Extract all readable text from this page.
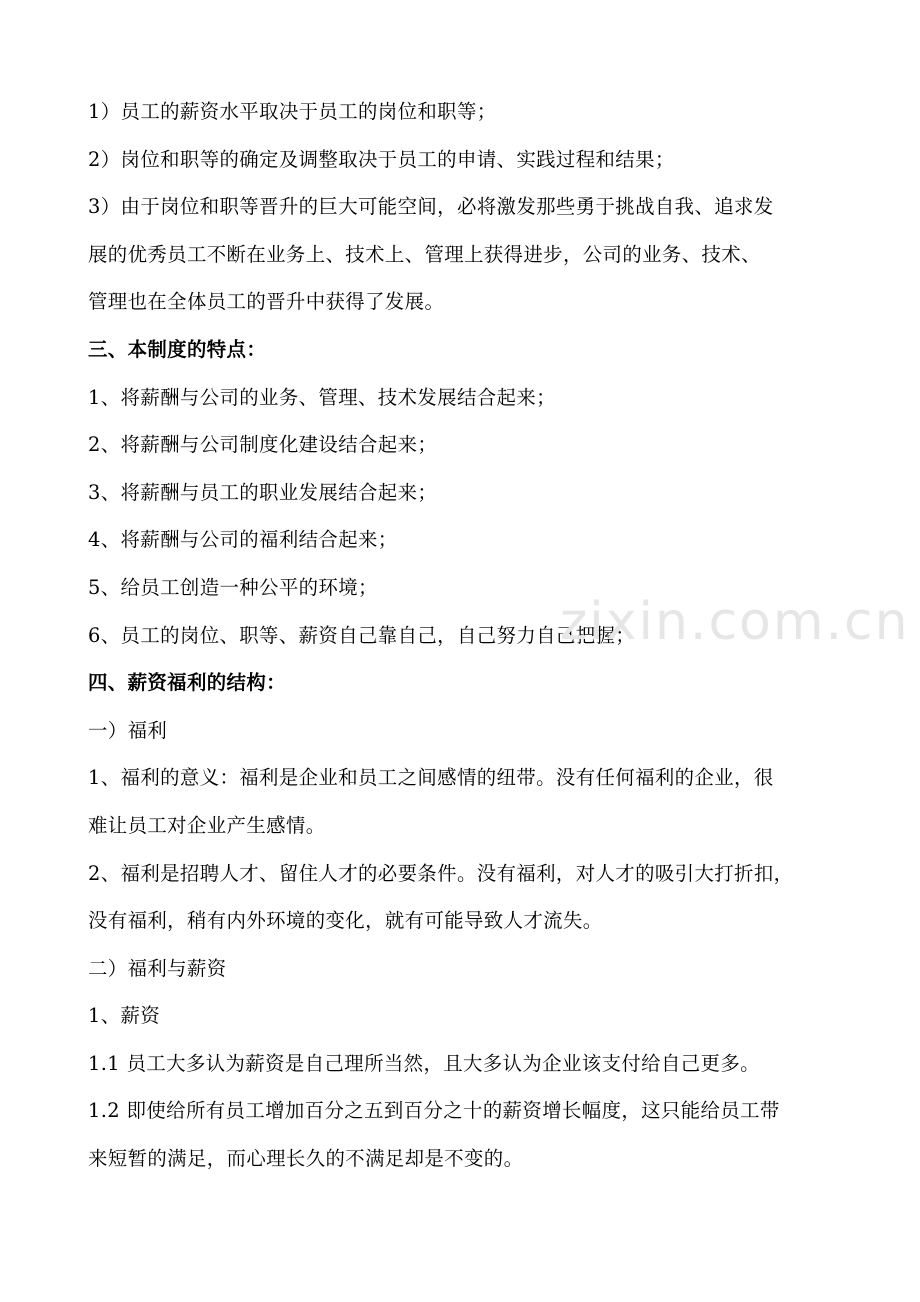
1）员工的薪资水平取决于员工的岗位和职等；
2）岗位和职等的确定及调整取决于员工的申请、实践过程和结果；
3）由于岗位和职等晋升的巨大可能空间，必将激发那些勇于挑战自我、追求发
展的优秀员工不断在业务上、技术上、管理上获得进步，公司的业务、技术、
管理也在全体员工的晋升中获得了发展。
三、本制度的特点：
1、将薪酬与公司的业务、管理、技术发展结合起来；
2、将薪酬与公司制度化建设结合起来；
3、将薪酬与员工的职业发展结合起来；
4、将薪酬与公司的福利结合起来；
5、给员工创造一种公平的环境；
6、员工的岗位、职等、薪资自己靠自己，自己努力自己把握；
四、薪资福利的结构：
一）福利
1、福利的意义：福利是企业和员工之间感情的纽带。没有任何福利的企业，很
难让员工对企业产生感情。
2、福利是招聘人才、留住人才的必要条件。没有福利，对人才的吸引大打折扣，
没有福利，稍有内外环境的变化，就有可能导致人才流失。
二）福利与薪资
1、薪资
1.1 员工大多认为薪资是自己理所当然，且大多认为企业该支付给自己更多。
1.2 即使给所有员工增加百分之五到百分之十的薪资增长幅度，这只能给员工带
来短暂的满足，而心理长久的不满足却是不变的。
zixin.com.cn
